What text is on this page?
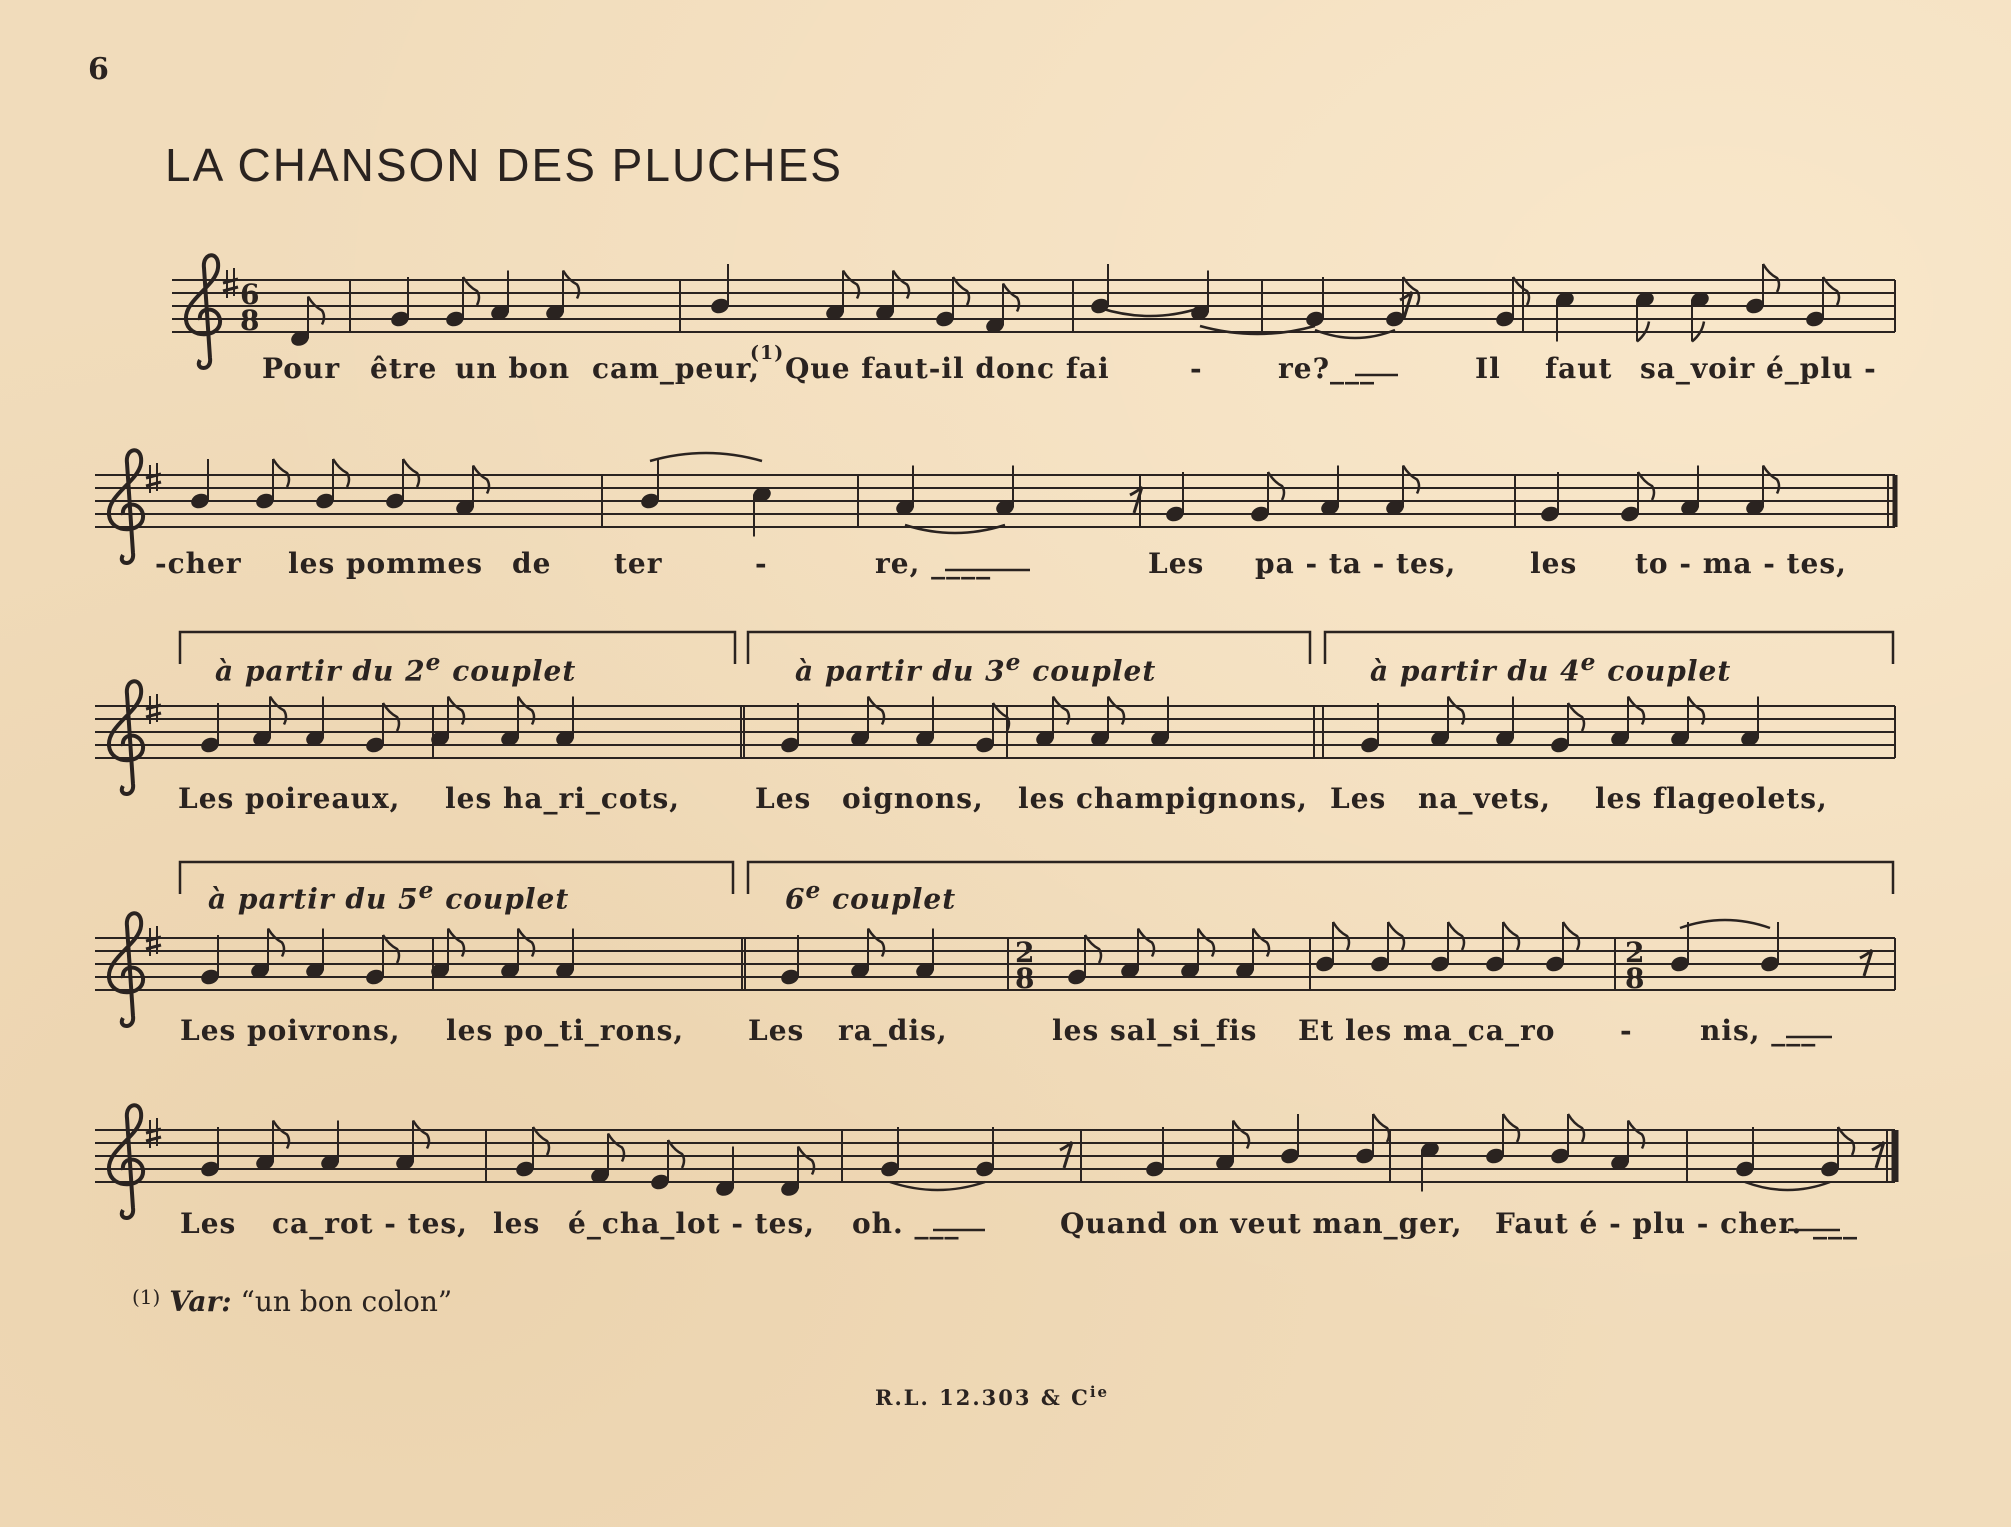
6
LA CHANSON DES PLUCHES
6
8
2
8
2
8
Pour être un bon cam_peur,
(1) Que faut-il donc fai	-	re?___	Il faut sa_voir é_plu -
-cher les pommes de ter	-	re, ____	Les pa - ta - tes,	les to - ma - tes,
à partir du 2e couplet	à partir du 3e couplet	à partir du 4e couplet
Les poireaux, les ha_ri_cots,	Les oignons, les champignons, Les na_vets, les flageolets,
à partir du 5e couplet	6e couplet
Les poivrons, les po_ti_rons, Les ra_dis,	les sal_si_fis Et les ma_ca_ro - nis, ___
Les ca_rot - tes, les é_cha_lot - tes, oh. ___	Quand on veut man_ger, Faut é - plu - cher. ___
$^{(1)}$ Var: “un bon colon”
R.L. 12.303 & $C^{ie}$
